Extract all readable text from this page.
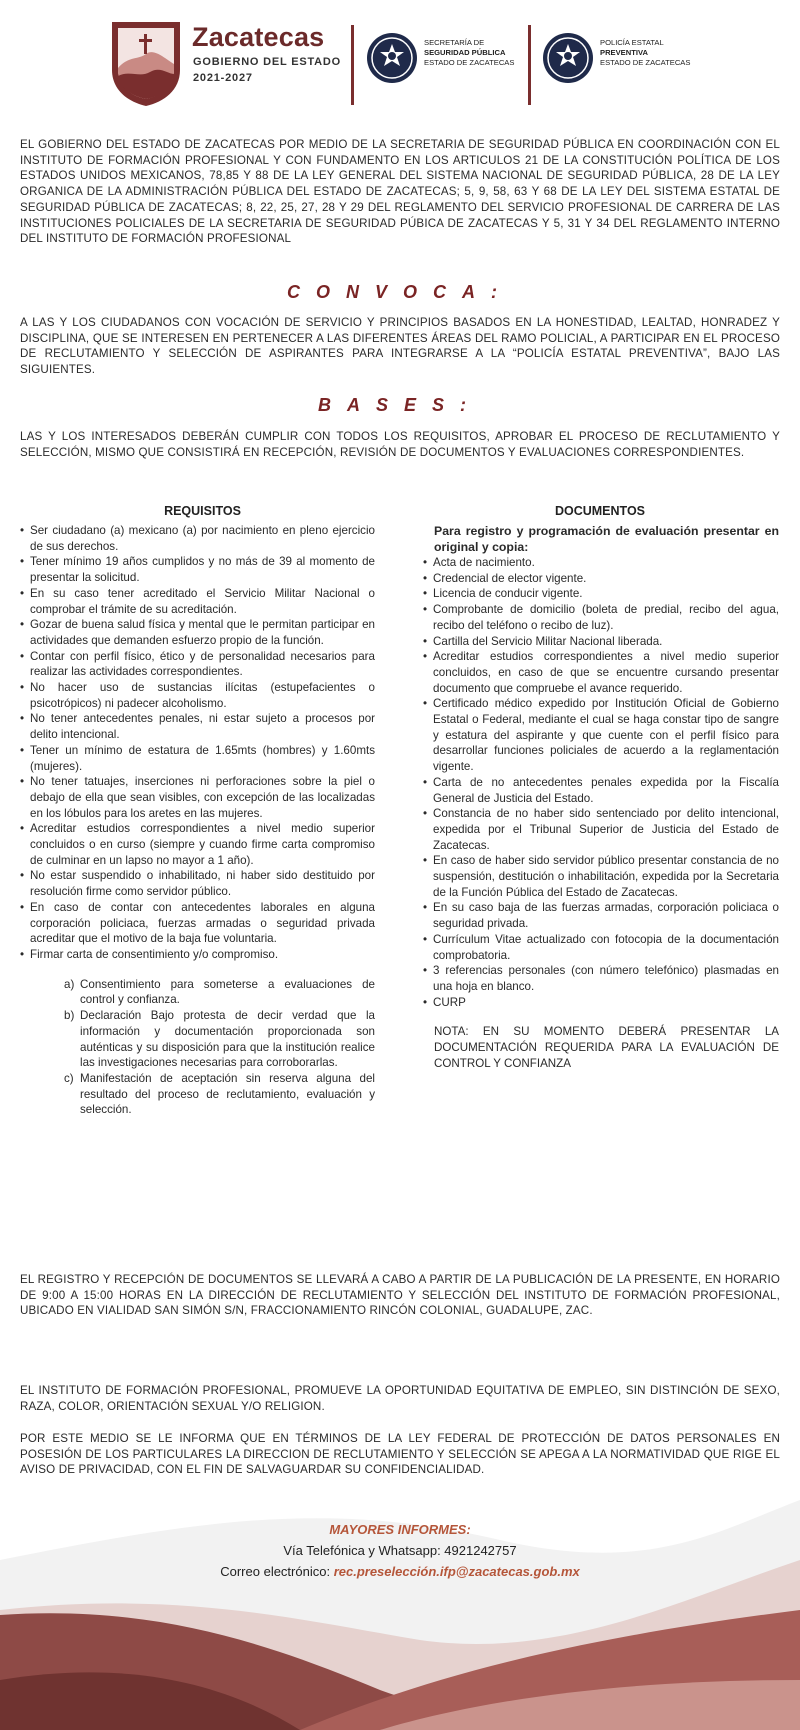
Zacatecas
GOBIERNO DEL ESTADO
2021-2027
SECRETARÍA DE
SEGURIDAD PÚBLICA
ESTADO DE ZACATECAS
POLICÍA ESTATAL
PREVENTIVA
ESTADO DE ZACATECAS
EL GOBIERNO DEL ESTADO DE ZACATECAS POR MEDIO DE LA SECRETARIA DE SEGURIDAD PÚBLICA EN COORDINACIÓN CON EL INSTITUTO DE FORMACIÓN PROFESIONAL Y CON FUNDAMENTO EN LOS ARTICULOS 21 DE LA CONSTITUCIÓN POLÍTICA DE LOS ESTADOS UNIDOS MEXICANOS, 78,85 Y 88 DE LA LEY GENERAL DEL SISTEMA NACIONAL DE SEGURIDAD PÚBLICA, 28 DE LA LEY ORGANICA DE LA ADMINISTRACIÓN PÚBLICA DEL ESTADO DE ZACATECAS; 5, 9, 58, 63 Y 68 DE LA LEY DEL SISTEMA ESTATAL DE SEGURIDAD PÚBLICA DE ZACATECAS; 8, 22, 25, 27, 28 Y 29 DEL REGLAMENTO DEL SERVICIO PROFESIONAL DE CARRERA DE LAS INSTITUCIONES POLICIALES DE LA SECRETARIA DE SEGURIDAD PÚBICA DE ZACATECAS Y 5, 31 Y 34 DEL REGLAMENTO INTERNO DEL INSTITUTO DE FORMACIÓN PROFESIONAL
CONVOCA:
A LAS Y LOS CIUDADANOS CON VOCACIÓN DE SERVICIO Y PRINCIPIOS BASADOS EN LA HONESTIDAD, LEALTAD, HONRADEZ Y DISCIPLINA, QUE SE INTERESEN EN PERTENECER A LAS DIFERENTES ÁREAS DEL RAMO POLICIAL, A PARTICIPAR EN EL PROCESO DE RECLUTAMIENTO Y SELECCIÓN DE ASPIRANTES PARA INTEGRARSE A LA “POLICÍA ESTATAL PREVENTIVA”, BAJO LAS SIGUIENTES.
BASES:
LAS Y LOS INTERESADOS DEBERÁN CUMPLIR CON TODOS LOS REQUISITOS, APROBAR EL PROCESO DE RECLUTAMIENTO Y SELECCIÓN, MISMO QUE CONSISTIRÁ EN RECEPCIÓN, REVISIÓN DE DOCUMENTOS Y EVALUACIONES CORRESPONDIENTES.
REQUISITOS
• Ser ciudadano (a) mexicano (a) por nacimiento en pleno ejercicio de sus derechos.
• Tener mínimo 19 años cumplidos y no más de 39 al momento de presentar la solicitud.
• En su caso tener acreditado el Servicio Militar Nacional o comprobar el trámite de su acreditación.
• Gozar de buena salud física y mental que le permitan participar en actividades que demanden esfuerzo propio de la función.
• Contar con perfil físico, ético y de personalidad necesarios para realizar las actividades correspondientes.
• No hacer uso de sustancias ilícitas (estupefacientes o psicotrópicos) ni padecer alcoholismo.
• No tener antecedentes penales, ni estar sujeto a procesos por delito intencional.
• Tener un mínimo de estatura de 1.65mts (hombres) y 1.60mts (mujeres).
• No tener tatuajes, inserciones ni perforaciones sobre la piel o debajo de ella que sean visibles, con excepción de las localizadas en los lóbulos para los aretes en las mujeres.
• Acreditar estudios correspondientes a nivel medio superior concluidos o en curso (siempre y cuando firme carta compromiso de culminar en un lapso no mayor a 1 año).
• No estar suspendido o inhabilitado, ni haber sido destituido por resolución firme como servidor público.
• En caso de contar con antecedentes laborales en alguna corporación policiaca, fuerzas armadas o seguridad privada acreditar que el motivo de la baja fue voluntaria.
• Firmar carta de consentimiento y/o compromiso.
a) Consentimiento para someterse a evaluaciones de control y confianza.
b) Declaración Bajo protesta de decir verdad que la información y documentación proporcionada son auténticas y su disposición para que la institución realice las investigaciones necesarias para corroborarlas.
c) Manifestación de aceptación sin reserva alguna del resultado del proceso de reclutamiento, evaluación y selección.
DOCUMENTOS
Para registro y programación de evaluación presentar en original y copia:
• Acta de nacimiento.
• Credencial de elector vigente.
• Licencia de conducir vigente.
• Comprobante de domicilio (boleta de predial, recibo del agua, recibo del teléfono o recibo de luz).
• Cartilla del Servicio Militar Nacional liberada.
• Acreditar estudios correspondientes a nivel medio superior concluidos, en caso de que se encuentre cursando presentar documento que compruebe el avance requerido.
• Certificado médico expedido por Institución Oficial de Gobierno Estatal o Federal, mediante el cual se haga constar tipo de sangre y estatura del aspirante y que cuente con el perfil físico para desarrollar funciones policiales de acuerdo a la reglamentación vigente.
• Carta de no antecedentes penales expedida por la Fiscalía General de Justicia del Estado.
• Constancia de no haber sido sentenciado por delito intencional, expedida por el Tribunal Superior de Justicia del Estado de Zacatecas.
• En caso de haber sido servidor público presentar constancia de no suspensión, destitución o inhabilitación, expedida por la Secretaria de la Función Pública del Estado de Zacatecas.
• En su caso baja de las fuerzas armadas, corporación policiaca o seguridad privada.
• Currículum Vitae actualizado con fotocopia de la documentación comprobatoria.
• 3 referencias personales (con número telefónico) plasmadas en una hoja en blanco.
• CURP
NOTA: EN SU MOMENTO DEBERÁ PRESENTAR LA DOCUMENTACIÓN REQUERIDA PARA LA EVALUACIÓN DE CONTROL Y CONFIANZA
EL REGISTRO Y RECEPCIÓN DE DOCUMENTOS SE LLEVARÁ A CABO A PARTIR DE LA PUBLICACIÓN DE LA PRESENTE, EN HORARIO DE 9:00 A 15:00 HORAS EN LA DIRECCIÓN DE RECLUTAMIENTO Y SELECCIÓN DEL INSTITUTO DE FORMACIÓN PROFESIONAL, UBICADO EN VIALIDAD SAN SIMÓN S/N, FRACCIONAMIENTO RINCÓN COLONIAL, GUADALUPE, ZAC.
EL INSTITUTO DE FORMACIÓN PROFESIONAL, PROMUEVE LA OPORTUNIDAD EQUITATIVA DE EMPLEO, SIN DISTINCIÓN DE SEXO, RAZA, COLOR, ORIENTACIÓN SEXUAL Y/O RELIGION.
POR ESTE MEDIO SE LE INFORMA QUE EN TÉRMINOS DE LA LEY FEDERAL DE PROTECCIÓN DE DATOS PERSONALES EN POSESIÓN DE LOS PARTICULARES LA DIRECCION DE RECLUTAMIENTO Y SELECCIÓN SE APEGA A LA NORMATIVIDAD QUE RIGE EL AVISO DE PRIVACIDAD, CON EL FIN DE SALVAGUARDAR SU CONFIDENCIALIDAD.
MAYORES INFORMES:
Vía Telefónica y Whatsapp: 4921242757
Correo electrónico: rec.preselección.ifp@zacatecas.gob.mx
